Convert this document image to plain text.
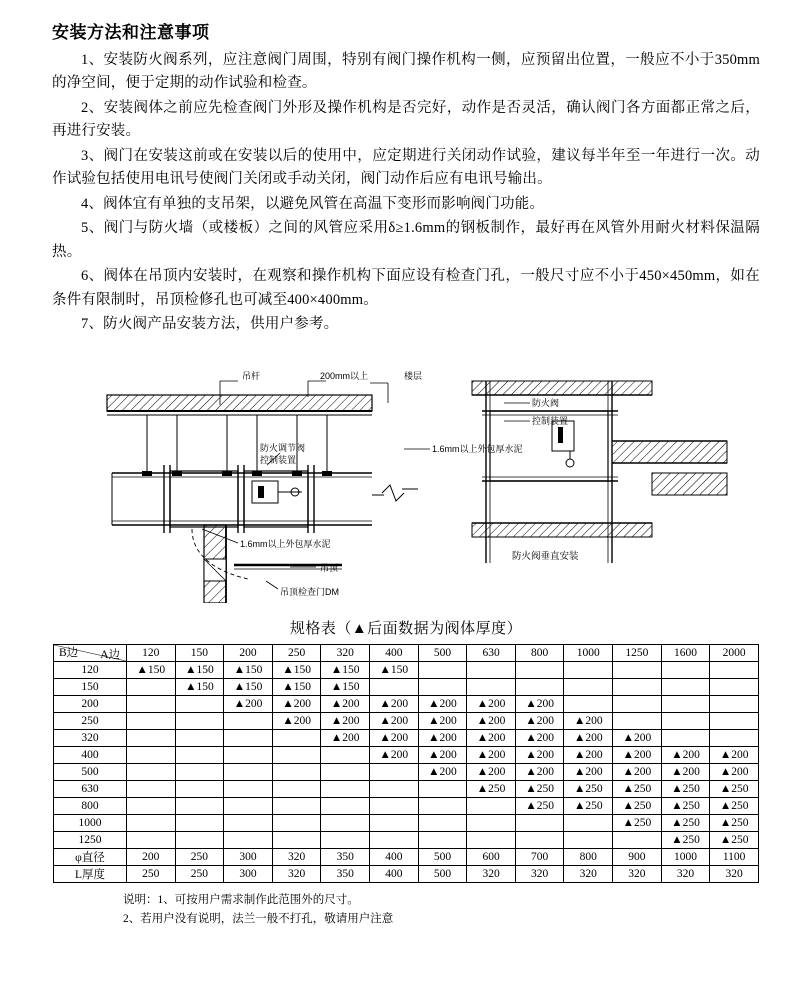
安装方法和注意事项

1、安装防火阀系列，应注意阀门周围，特别有阀门操作机构一侧，应预留出位置，一般应不小于350mm的净空间，便于定期的动作试验和检查。

2、安装阀体之前应先检查阀门外形及操作机构是否完好，动作是否灵活，确认阀门各方面都正常之后，再进行安装。

3、阀门在安装这前或在安装以后的使用中，应定期进行关闭动作试验，建议每半年至一年进行一次。动作试验包括使用电讯号使阀门关闭或手动关闭，阀门动作后应有电讯号输出。

4、阀体宜有单独的支吊架，以避免风管在高温下变形而影响阀门功能。

5、阀门与防火墙（或楼板）之间的风管应采用δ≥1.6mm的钢板制作，最好再在风管外用耐火材料保温隔热。

6、阀体在吊顶内安装时，在观察和操作机构下面应设有检查门孔，一般尺寸应不小于450×450mm，如在条件有限制时，吊顶检修孔也可减至400×400mm。

7、防火阀产品安装方法，供用户参考。

吊杆	200mm以上	楼层
防火阀
控制装置
1.6mm以上外包厚水泥
防火调节阀
控制装置
1.6mm以上外包厚水泥
吊顶
吊顶检查门DM
防火阀垂直安装
规格表（▲后面数据为阀体厚度）
A边
B边	120	150	200	250	320	400	500	630	800	1000	1250	1600	2000
120	▲150	▲150	▲150	▲150	▲150	▲150							
150		▲150	▲150	▲150	▲150								
200			▲200	▲200	▲200	▲200	▲200	▲200	▲200				
250				▲200	▲200	▲200	▲200	▲200	▲200	▲200			
320					▲200	▲200	▲200	▲200	▲200	▲200	▲200		
400						▲200	▲200	▲200	▲200	▲200	▲200	▲200	▲200
500							▲200	▲200	▲200	▲200	▲200	▲200	▲200
630								▲250	▲250	▲250	▲250	▲250	▲250
800									▲250	▲250	▲250	▲250	▲250
1000											▲250	▲250	▲250
1250												▲250	▲250
φ直径	200	250	300	320	350	400	500	600	700	800	900	1000	1100
L厚度	250	250	300	320	350	400	500	320	320	320	320	320	320
说明：1、可按用户需求制作此范围外的尺寸。
2、若用户没有说明，法兰一般不打孔，敬请用户注意
